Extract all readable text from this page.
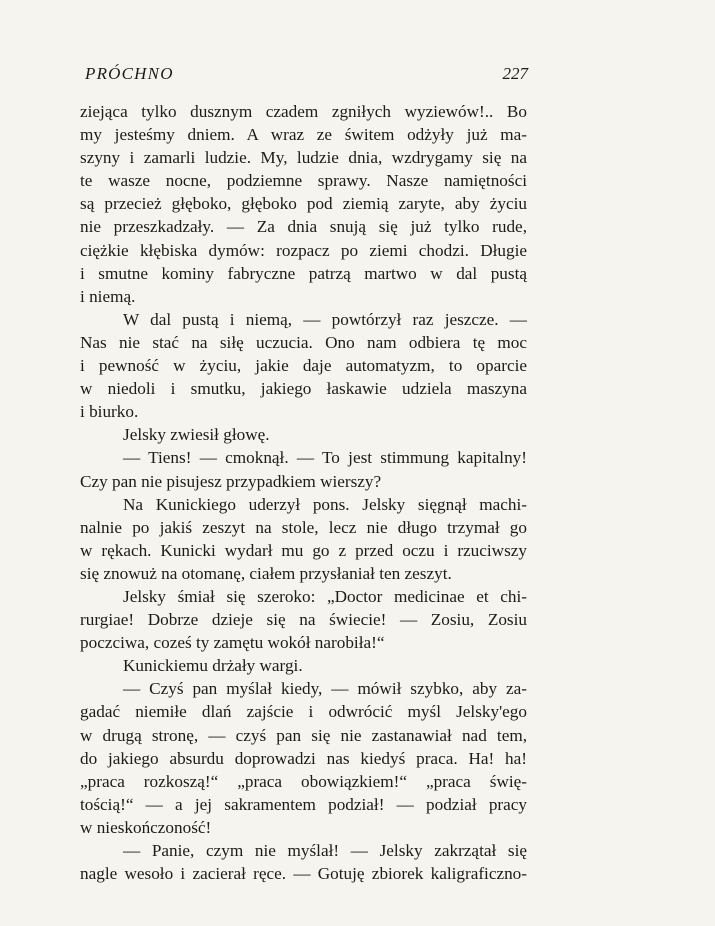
PRÓCHNO	227
ziejąca tylko dusznym czadem zgniłych wyziewów!.. Bo
my jesteśmy dniem. A wraz ze świtem odżyły już ma-
szyny i zamarli ludzie. My, ludzie dnia, wzdrygamy się na
te wasze nocne, podziemne sprawy. Nasze namiętności
są przecież głęboko, głęboko pod ziemią zaryte, aby życiu
nie przeszkadzały. — Za dnia snują się już tylko rude,
ciężkie kłębiska dymów: rozpacz po ziemi chodzi. Długie
i smutne kominy fabryczne patrzą martwo w dal pustą
i niemą.
W dal pustą i niemą, — powtórzył raz jeszcze. —
Nas nie stać na siłę uczucia. Ono nam odbiera tę moc
i pewność w życiu, jakie daje automatyzm, to oparcie
w niedoli i smutku, jakiego łaskawie udziela maszyna
i biurko.
Jelsky zwiesił głowę.
— Tiens! — cmoknął. — To jest stimmung kapitalny!
Czy pan nie pisujesz przypadkiem wierszy?
Na Kunickiego uderzył pons. Jelsky sięgnął machi-
nalnie po jakiś zeszyt na stole, lecz nie długo trzymał go
w rękach. Kunicki wydarł mu go z przed oczu i rzuciwszy
się znowuż na otomanę, ciałem przysłaniał ten zeszyt.
Jelsky śmiał się szeroko: „Doctor medicinae et chi-
rurgiae! Dobrze dzieje się na świecie! — Zosiu, Zosiu
poczciwa, coześ ty zamętu wokół narobiła!“
Kunickiemu drżały wargi.
— Czyś pan myślał kiedy, — mówił szybko, aby za-
gadać niemiłe dlań zajście i odwrócić myśl Jelsky'ego
w drugą stronę, — czyś pan się nie zastanawiał nad tem,
do jakiego absurdu doprowadzi nas kiedyś praca. Ha! ha!
„praca rozkoszą!“ „praca obowiązkiem!“ „praca świę-
tością!“ — a jej sakramentem podział! — podział pracy
w nieskończoność!
— Panie, czym nie myślał! — Jelsky zakrzątał się
nagle wesoło i zacierał ręce. — Gotuję zbiorek kaligraficzno-
